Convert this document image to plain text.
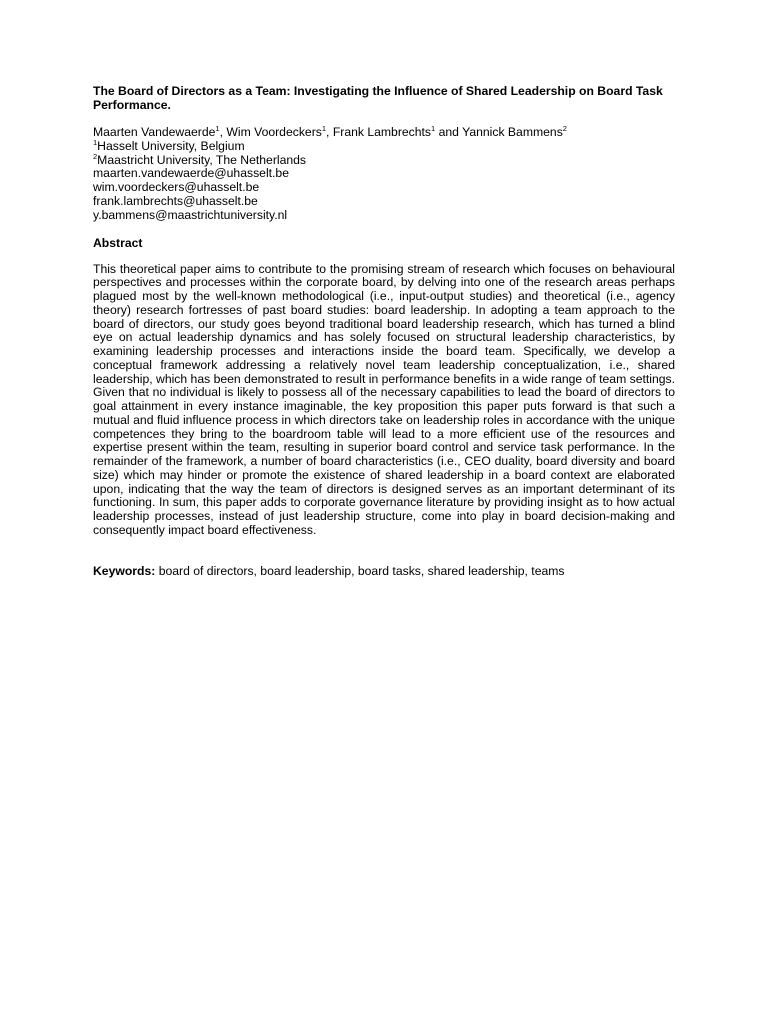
The Board of Directors as a Team: Investigating the Influence of Shared Leadership on Board Task Performance.
Maarten Vandewaerde$^1$, Wim Voordeckers$^1$, Frank Lambrechts$^1$ and Yannick Bammens$^2$
$^1$Hasselt University, Belgium
$^2$Maastricht University, The Netherlands
maarten.vandewaerde@uhasselt.be
wim.voordeckers@uhasselt.be
frank.lambrechts@uhasselt.be
y.bammens@maastrichtuniversity.nl
Abstract

This theoretical paper aims to contribute to the promising stream of research which focuses on behavioural perspectives and processes within the corporate board, by delving into one of the research areas perhaps plagued most by the well-known methodological (i.e., input-output studies) and theoretical (i.e., agency theory) research fortresses of past board studies: board leadership. In adopting a team approach to the board of directors, our study goes beyond traditional board leadership research, which has turned a blind eye on actual leadership dynamics and has solely focused on structural leadership characteristics, by examining leadership processes and interactions inside the board team. Specifically, we develop a conceptual framework addressing a relatively novel team leadership conceptualization, i.e., shared leadership, which has been demonstrated to result in performance benefits in a wide range of team settings. Given that no individual is likely to possess all of the necessary capabilities to lead the board of directors to goal attainment in every instance imaginable, the key proposition this paper puts forward is that such a mutual and fluid influence process in which directors take on leadership roles in accordance with the unique competences they bring to the boardroom table will lead to a more efficient use of the resources and expertise present within the team, resulting in superior board control and service task performance. In the remainder of the framework, a number of board characteristics (i.e., CEO duality, board diversity and board size) which may hinder or promote the existence of shared leadership in a board context are elaborated upon, indicating that the way the team of directors is designed serves as an important determinant of its functioning. In sum, this paper adds to corporate governance literature by providing insight as to how actual leadership processes, instead of just leadership structure, come into play in board decision-making and consequently impact board effectiveness.

Keywords: board of directors, board leadership, board tasks, shared leadership, teams
